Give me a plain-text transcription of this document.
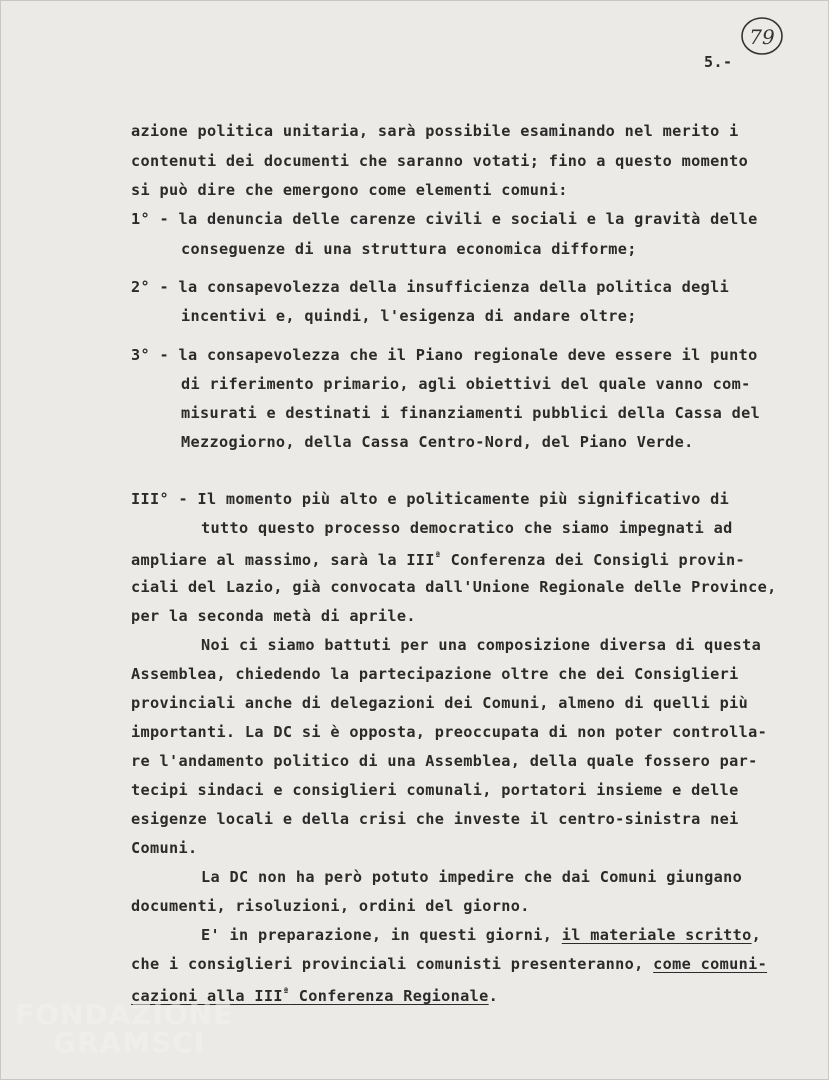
79
5.-
azione politica unitaria, sarà possibile esaminando nel merito i
contenuti dei documenti che saranno votati; fino a questo momento
si può dire che emergono come elementi comuni:
1° - la denuncia delle carenze civili e sociali e la gravità delle
conseguenze di una struttura economica difforme;
2° - la consapevolezza della insufficienza della politica degli
incentivi e, quindi, l'esigenza di andare oltre;
3° - la consapevolezza che il Piano regionale deve essere il punto
di riferimento primario, agli obiettivi del quale vanno com-
misurati e destinati i finanziamenti pubblici della Cassa del
Mezzogiorno, della Cassa Centro-Nord, del Piano Verde.
III° - Il momento più alto e politicamente più significativo di
tutto questo processo democratico che siamo impegnati ad
ampliare al massimo, sarà la $III^ª$ Conferenza dei Consigli provin-
ciali del Lazio, già convocata dall'Unione Regionale delle Province,
per la seconda metà di aprile.
Noi ci siamo battuti per una composizione diversa di questa
Assemblea, chiedendo la partecipazione oltre che dei Consiglieri
provinciali anche di delegazioni dei Comuni, almeno di quelli più
importanti. La DC si è opposta, preoccupata di non poter controlla-
re l'andamento politico di una Assemblea, della quale fossero par-
tecipi sindaci e consiglieri comunali, portatori insieme e delle
esigenze locali e della crisi che investe il centro-sinistra nei
Comuni.
La DC non ha però potuto impedire che dai Comuni giungano
documenti, risoluzioni, ordini del giorno.
E' in preparazione, in questi giorni, il materiale scritto,
che i consiglieri provinciali comunisti presenteranno, come comuni-
cazioni alla $III^ª$ Conferenza Regionale.
FONDAZIONE
GRAMSCI
